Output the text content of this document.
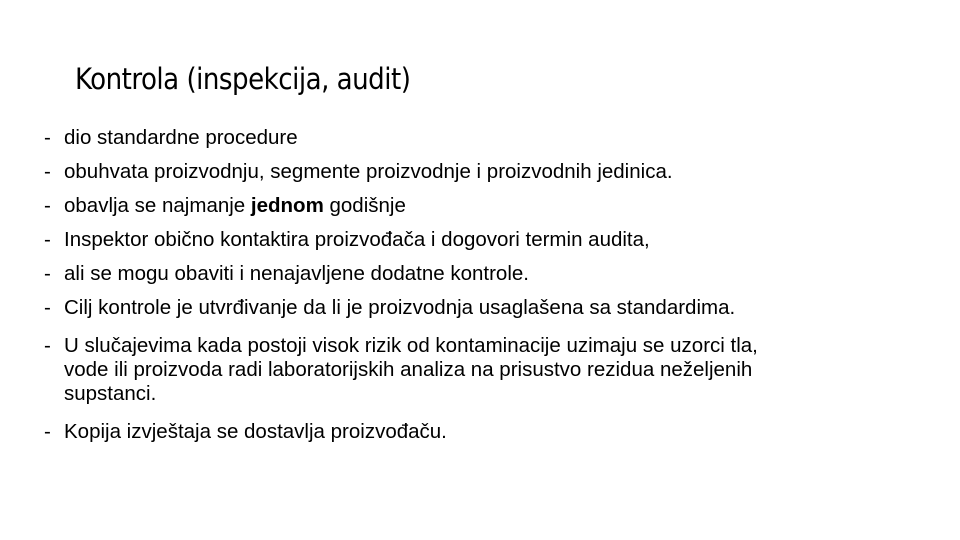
Kontrola (inspekcija, audit)
- dio standardne procedure
- obuhvata proizvodnju, segmente proizvodnje i proizvodnih jedinica.
- obavlja se najmanje jednom godišnje
- Inspektor obično kontaktira proizvođača i dogovori termin audita,
- ali se mogu obaviti i nenajavljene dodatne kontrole.
- Cilj kontrole je utvrđivanje da li je proizvodnja usaglašena sa standardima.
- U slučajevima kada postoji visok rizik od kontaminacije uzimaju se uzorci tla, vode ili proizvoda radi laboratorijskih analiza na prisustvo rezidua neželjenih supstanci.
- Kopija izvještaja se dostavlja proizvođaču.
